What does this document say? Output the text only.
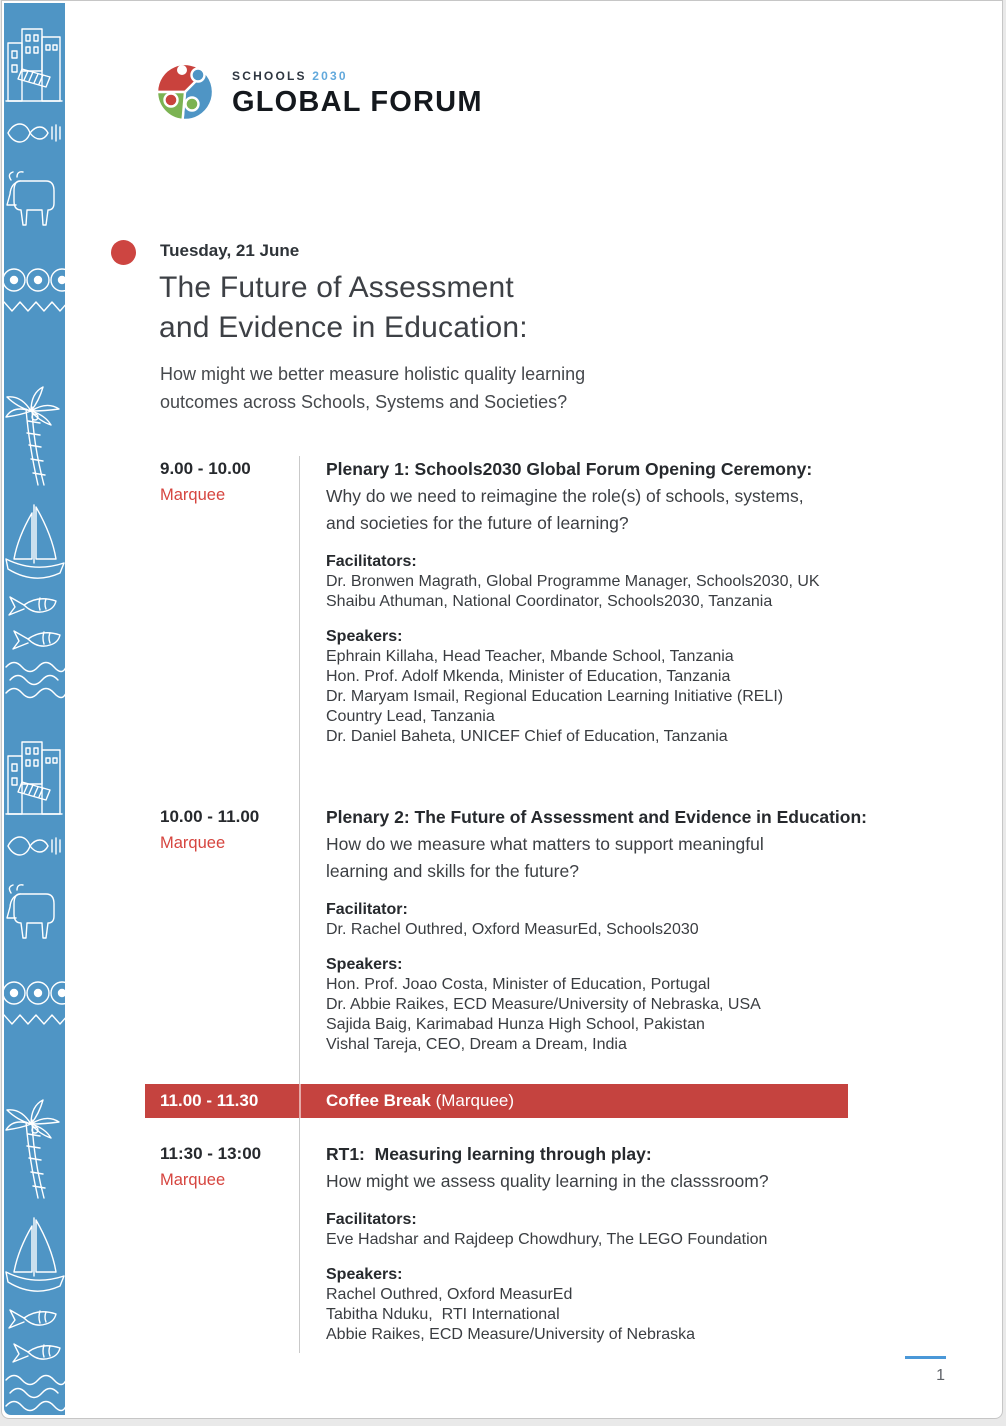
SCHOOLS 2030
GLOBAL FORUM
Tuesday, 21 June
The Future of Assessment
and Evidence in Education:
How might we better measure holistic quality learning
outcomes across Schools, Systems and Societies?
9.00 - 10.00
Marquee
Plenary 1: Schools2030 Global Forum Opening Ceremony:
Why do we need to reimagine the role(s) of schools, systems,
and societies for the future of learning?
Facilitators:
Dr. Bronwen Magrath, Global Programme Manager, Schools2030, UK
Shaibu Athuman, National Coordinator, Schools2030, Tanzania
Speakers:
Ephrain Killaha, Head Teacher, Mbande School, Tanzania
Hon. Prof. Adolf Mkenda, Minister of Education, Tanzania
Dr. Maryam Ismail, Regional Education Learning Initiative (RELI)
Country Lead, Tanzania
Dr. Daniel Baheta, UNICEF Chief of Education, Tanzania
10.00 - 11.00
Marquee
Plenary 2: The Future of Assessment and Evidence in Education:
How do we measure what matters to support meaningful
learning and skills for the future?
Facilitator:
Dr. Rachel Outhred, Oxford MeasurEd, Schools2030
Speakers:
Hon. Prof. Joao Costa, Minister of Education, Portugal
Dr. Abbie Raikes, ECD Measure/University of Nebraska, USA
Sajida Baig, Karimabad Hunza High School, Pakistan
Vishal Tareja, CEO, Dream a Dream, India
11.00 - 11.30	Coffee Break (Marquee)
11:30 - 13:00
Marquee
RT1:  Measuring learning through play:
How might we assess quality learning in the classsroom?
Facilitators:
Eve Hadshar and Rajdeep Chowdhury, The LEGO Foundation
Speakers:
Rachel Outhred, Oxford MeasurEd
Tabitha Nduku,  RTI International
Abbie Raikes, ECD Measure/University of Nebraska
1
